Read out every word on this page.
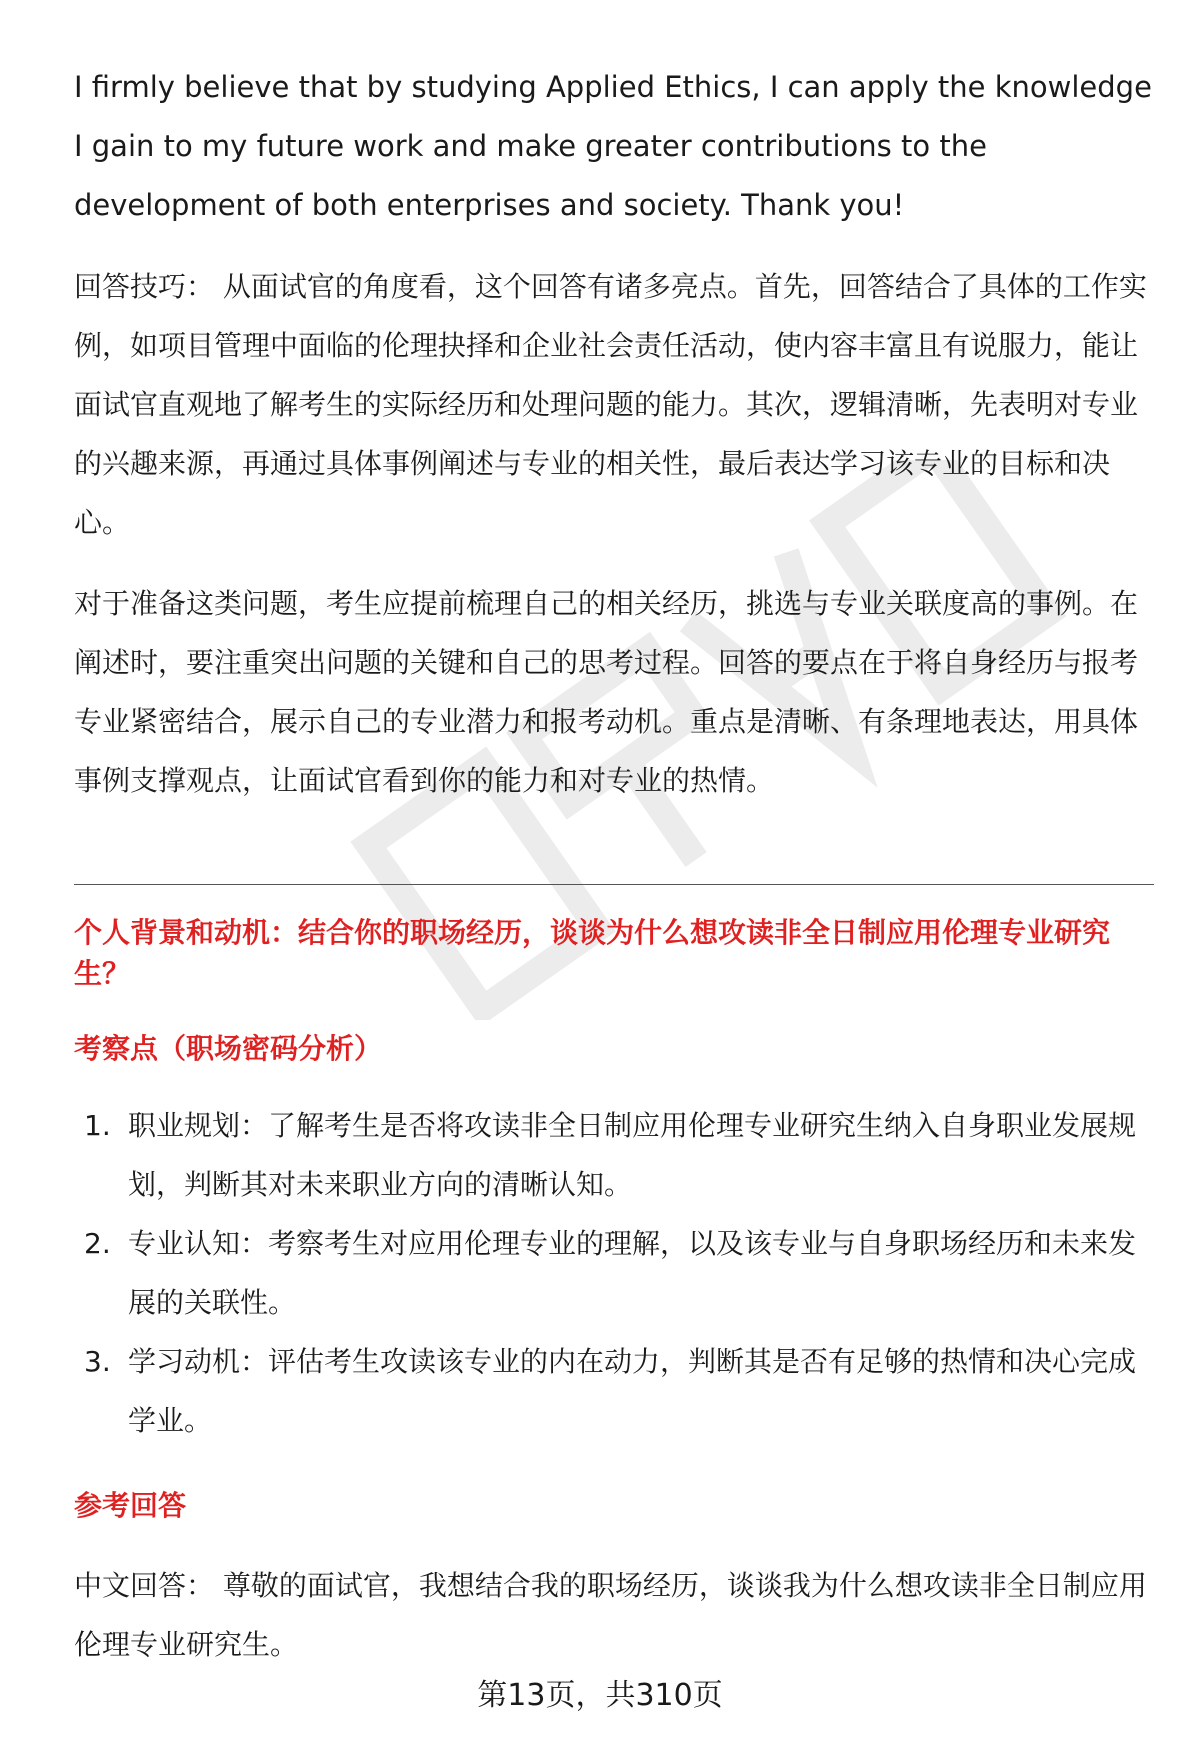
I firmly believe that by studying Applied Ethics, I can apply the knowledge I gain to my future work and make greater contributions to the development of both enterprises and society. Thank you!

回答技巧： 从面试官的角度看，这个回答有诸多亮点。首先，回答结合了具体的工作实例，如项目管理中面临的伦理抉择和企业社会责任活动，使内容丰富且有说服力，能让面试官直观地了解考生的实际经历和处理问题的能力。其次，逻辑清晰，先表明对专业的兴趣来源，再通过具体事例阐述与专业的相关性，最后表达学习该专业的目标和决心。

对于准备这类问题，考生应提前梳理自己的相关经历，挑选与专业关联度高的事例。在阐述时，要注重突出问题的关键和自己的思考过程。回答的要点在于将自身经历与报考专业紧密结合，展示自己的专业潜力和报考动机。重点是清晰、有条理地表达，用具体事例支撑观点，让面试官看到你的能力和对专业的热情。

个人背景和动机：结合你的职场经历，谈谈为什么想攻读非全日制应用伦理专业研究生？

考察点（职场密码分析）

1. 职业规划：了解考生是否将攻读非全日制应用伦理专业研究生纳入自身职业发展规划，判断其对未来职业方向的清晰认知。
2. 专业认知：考察考生对应用伦理专业的理解，以及该专业与自身职场经历和未来发展的关联性。
3. 学习动机：评估考生攻读该专业的内在动力，判断其是否有足够的热情和决心完成学业。

参考回答

中文回答： 尊敬的面试官，我想结合我的职场经历，谈谈我为什么想攻读非全日制应用伦理专业研究生。

第13页，共310页
